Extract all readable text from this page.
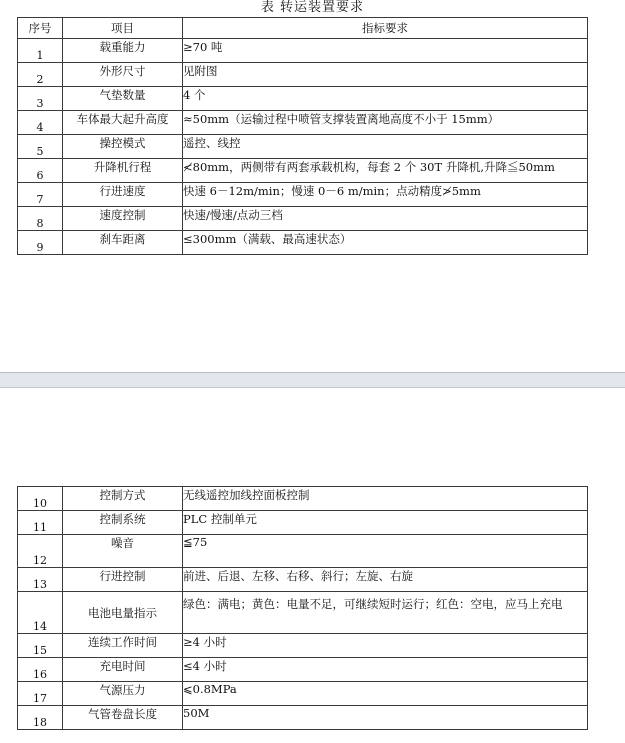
表 转运装置要求
序号	项目	指标要求
1	载重能力	≥70 吨
2	外形尺寸	见附图
3	气垫数量	4 个
4	车体最大起升高度	≈50mm（运输过程中喷管支撑装置离地高度不小于 15mm）
5	操控模式	遥控、线控
6	升降机行程	≮80mm，两侧带有两套承载机构，每套 2 个 30T 升降机,升降≦50mm
7	行进速度	快速 6－12m/min；慢速 0－6 m/min；点动精度≯5mm
8	速度控制	快速/慢速/点动三档
9	刹车距离	≤300mm（满载、最高速状态）
10	控制方式	无线遥控加线控面板控制
11	控制系统	PLC 控制单元
12	噪音	≦75
13	行进控制	前进、后退、左移、右移、斜行；左旋、右旋
14	电池电量指示	绿色：满电；黄色：电量不足，可继续短时运行；红色：空电，应马上充电
15	连续工作时间	≥4 小时
16	充电时间	≤4 小时
17	气源压力	⩽0.8MPa
18	气管卷盘长度	50M
